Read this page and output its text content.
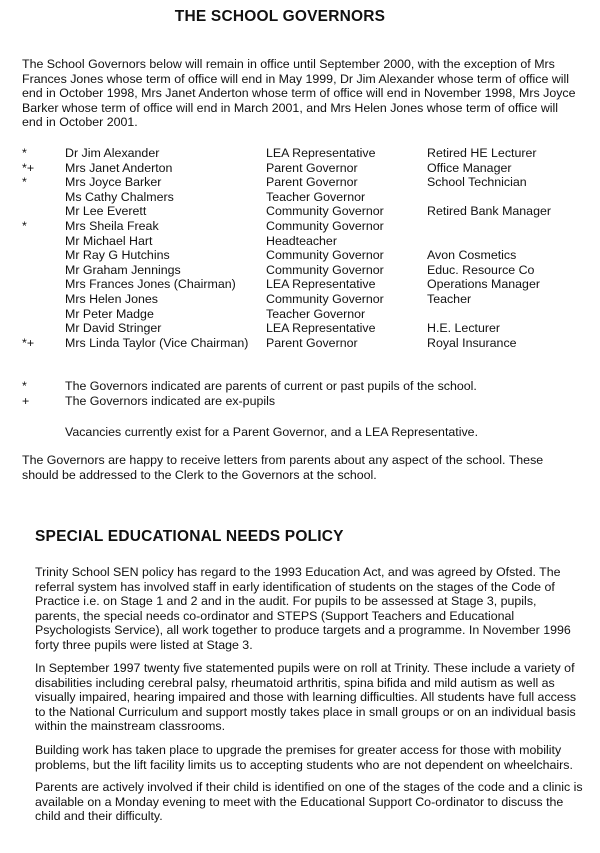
THE SCHOOL GOVERNORS

The School Governors below will remain in office until September 2000, with the exception of Mrs Frances Jones whose term of office will end in May 1999, Dr Jim Alexander whose term of office will end in October 1998, Mrs Janet Anderton whose term of office will end in November 1998, Mrs Joyce Barker whose term of office will end in March 2001, and Mrs Helen Jones whose term of office will end in October 2001.

*	Dr Jim Alexander	LEA Representative	Retired HE Lecturer
*+	Mrs Janet Anderton	Parent Governor	Office Manager
*	Mrs Joyce Barker	Parent Governor	School Technician
	Ms Cathy Chalmers	Teacher Governor	
	Mr Lee Everett	Community Governor	Retired Bank Manager
*	Mrs Sheila Freak	Community Governor	
	Mr Michael Hart	Headteacher	
	Mr Ray G Hutchins	Community Governor	Avon Cosmetics
	Mr Graham Jennings	Community Governor	Educ. Resource Co
	Mrs Frances Jones (Chairman)	LEA Representative	Operations Manager
	Mrs Helen Jones	Community Governor	Teacher
	Mr Peter Madge	Teacher Governor	
	Mr David Stringer	LEA Representative	H.E. Lecturer
*+	Mrs Linda Taylor (Vice Chairman)	Parent Governor	Royal Insurance
*	The Governors indicated are parents of current or past pupils of the school.
+	The Governors indicated are ex-pupils

Vacancies currently exist for a Parent Governor, and a LEA Representative.

The Governors are happy to receive letters from parents about any aspect of the school. These should be addressed to the Clerk to the Governors at the school.

SPECIAL EDUCATIONAL NEEDS POLICY

Trinity School SEN policy has regard to the 1993 Education Act, and was agreed by Ofsted. The referral system has involved staff in early identification of students on the stages of the Code of Practice i.e. on Stage 1 and 2 and in the audit. For pupils to be assessed at Stage 3, pupils, parents, the special needs co-ordinator and STEPS (Support Teachers and Educational Psychologists Service), all work together to produce targets and a programme. In November 1996 forty three pupils were listed at Stage 3.

In September 1997 twenty five statemented pupils were on roll at Trinity. These include a variety of disabilities including cerebral palsy, rheumatoid arthritis, spina bifida and mild autism as well as visually impaired, hearing impaired and those with learning difficulties. All students have full access to the National Curriculum and support mostly takes place in small groups or on an individual basis within the mainstream classrooms.

Building work has taken place to upgrade the premises for greater access for those with mobility problems, but the lift facility limits us to accepting students who are not dependent on wheelchairs.

Parents are actively involved if their child is identified on one of the stages of the code and a clinic is available on a Monday evening to meet with the Educational Support Co-ordinator to discuss the child and their difficulty.
